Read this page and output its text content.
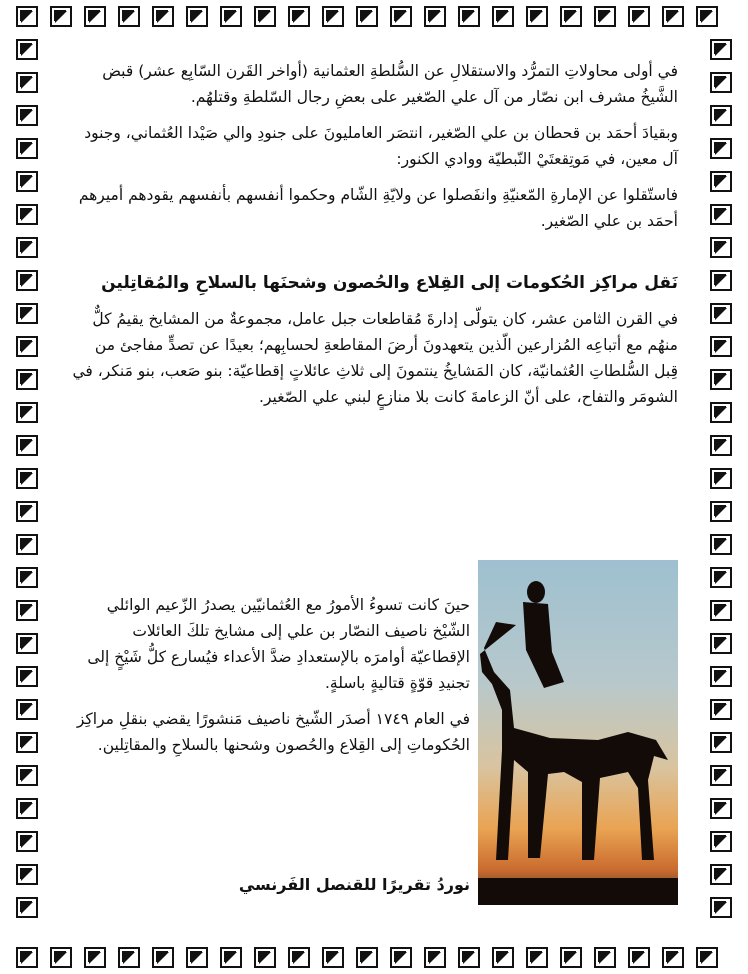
في أولى محاولاتِ التمرُّد والاستقلالِ عن السُّلطةِ العثمانية (أواخر القَرن السّابِع عشر) قبض الشَّيخُ مشرف ابن نصّار من آل علي الصّغير على بعضِ رجال السّلطةِ وقتلهُم.

وبقيادَ أحمَد بن قحطان بن علي الصّغير، انتصَر العامليونَ على جنودِ والي صَيْدا العُثماني، وجنود آل معين، في مَوتِقعتَيْ النّبطيّة ووادي الكنور:

فاستّقلوا عن الإمارةِ المّعنيّةِ وانفَصلوا عن ولايّةِ الشّام وحكموا أنفسهم بأنفسهم يقودهم أميرهم أحمَد بن علي الصّغير.

نَقل مراكِز الحُكومات إلى القِلاع والحُصون وشحنَها بالسلاحِ والمُقاتِلين

في القرن الثامن عشر، كان يتولّى إدارةَ مُقاطعات جبل عامل، مجموعةٌ من المشايخ يقيمُ كلٌّ منهُم مع أتباعِه المُزارعين الّذين يتعهدونَ أرضَ المقاطعةِ لحسابِهم؛ بعيدًا عن تصدٍّ مفاجئ من قِبل السُّلطاتِ العُثمانيّة، كان المَشايخُ ينتمونَ إلى ثلاثِ عائلاتٍ إقطاعيّة: بنو صَعب، بنو مَنكر، في الشومَر والتفاح، على أنّ الزعامةَ كانت بلا منازعٍ لبني علي الصّغير.

حينَ كانت تسوءُ الأمورُ مع العُثمانيّين يصدرُ الزّعيم الوائلي الشّيْخ ناصيف النصّار بن علي إلى مشايخ تلكَ العائلات الإقطاعيّة أوامرَه بالإستعدادِ ضدَّ الأعداء فيُسارع كلُّ شَيْخٍ إلى تجنيدِ قوّةٍ قتاليةٍ باسلةٍ.

في العام ١٧٤٩ أصدَر الشّيخ ناصيف مَنشورًا يقضي بنقلِ مراكِز الحُكوماتِ إلى القِلاع والحُصون وشحنها بالسلاحِ والمقاتِلين.

نوردُ تقريرًا للقنصل الفَرنسي
